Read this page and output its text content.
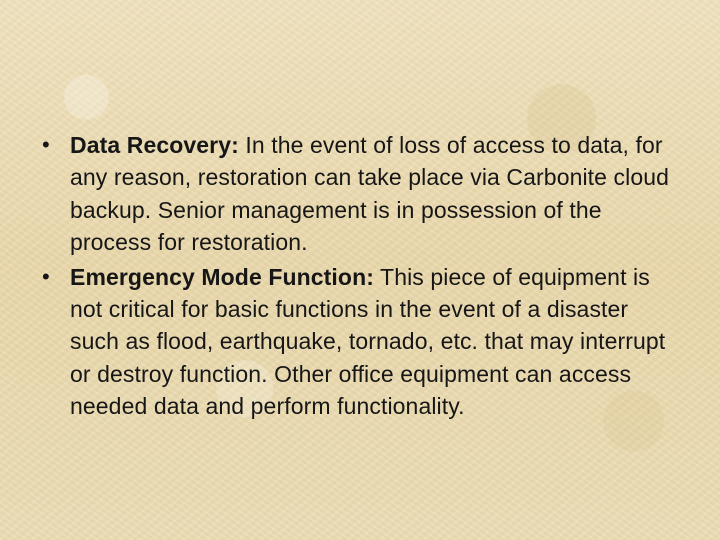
• Data Recovery: In the event of loss of access to data, for any reason, restoration can take place via Carbonite cloud backup. Senior management is in possession of the process for restoration.
• Emergency Mode Function: This piece of equipment is not critical for basic functions in the event of a disaster such as flood, earthquake, tornado, etc. that may interrupt or destroy function. Other office equipment can access needed data and perform functionality.
